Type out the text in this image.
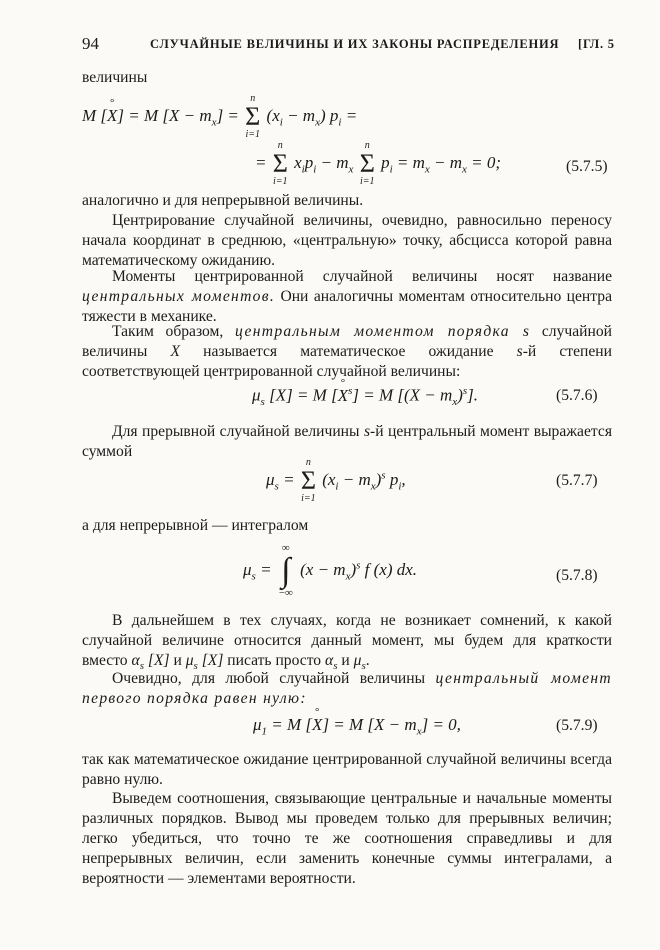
94	СЛУЧАЙНЫЕ ВЕЛИЧИНЫ И ИХ ЗАКОНЫ РАСПРЕДЕЛЕНИЯ [ГЛ. 5
величины
M [° X] = M $[X - m_x]$ =
n
Σ
i=1
$(x_i - m_x) p_i$ =
=
n
Σ
i=1
$x_ip_i - m_x$
n
Σ
i=1
$p_i = m_x - m_x = 0$;	(5.7.5)
аналогично и для непрерывной величины.
Центрирование случайной величины, очевидно, равносильно переносу начала координат в среднюю, «центральную» точку, абсцисса которой равна математическому ожиданию.
Моменты центрированной случайной величины носят название центральных моментов. Они аналогичны моментам относительно центра тяжести в механике.
Таким образом, центральным моментом порядка s случайной величины X называется математическое ожидание s-й степени соответствующей центрированной случайной величины:
$\mu_s$ [X] = M [° $X^s] = M$ $[(X - m_x)^s]$.	(5.7.6)
Для прерывной случайной величины s-й центральный момент выражается суммой
$\mu_s$ =
n
Σ
i=1
$(x_i - m_x)^s$ $p_i$,	(5.7.7)
а для непрерывной — интегралом
$\mu_s$ =
∞
∫
−∞
$(x - m_x)^s$ f (x) dx.	(5.7.8)
В дальнейшем в тех случаях, когда не возникает сомнений, к какой случайной величине относится данный момент, мы будем для краткости вместо $\alpha_s$ [X] и $\mu_s$ [X] писать просто $\alpha_s$ и $\mu_s$.
Очевидно, для любой случайной величины центральный момент первого порядка равен нулю:
$\mu_1 = M$ [° X] = M $[X - m_x] = 0$,	(5.7.9)
так как математическое ожидание центрированной случайной величины всегда равно нулю.
Выведем соотношения, связывающие центральные и начальные моменты различных порядков. Вывод мы проведем только для прерывных величин; легко убедиться, что точно те же соотношения справедливы и для непрерывных величин, если заменить конечные суммы интегралами, а вероятности — элементами вероятности.
